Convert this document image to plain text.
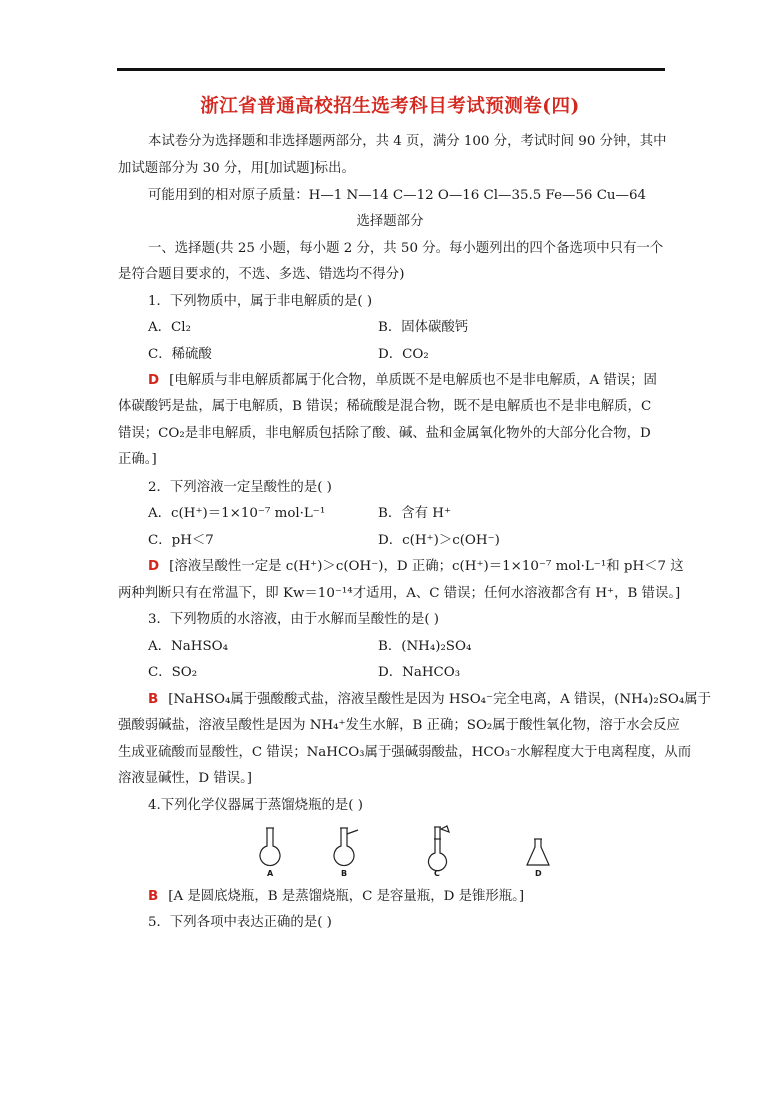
浙江省普通高校招生选考科目考试预测卷(四)
本试卷分为选择题和非选择题两部分，共 4 页，满分 100 分，考试时间 90 分钟，其中
加试题部分为 30 分，用[加试题]标出。
可能用到的相对原子质量：H—1 N—14 C—12 O—16 Cl—35.5 Fe—56 Cu—64
选择题部分
一、选择题(共 25 小题，每小题 2 分，共 50 分。每小题列出的四个备选项中只有一个
是符合题目要求的，不选、多选、错选均不得分)
1．下列物质中，属于非电解质的是( )
A．Cl₂	B．固体碳酸钙
C．稀硫酸	D．CO₂
D [电解质与非电解质都属于化合物，单质既不是电解质也不是非电解质，A 错误；固
体碳酸钙是盐，属于电解质，B 错误；稀硫酸是混合物，既不是电解质也不是非电解质，C
错误；CO₂是非电解质，非电解质包括除了酸、碱、盐和金属氧化物外的大部分化合物，D
正确。]
2．下列溶液一定呈酸性的是( )
A．c(H⁺)＝1×10⁻⁷ mol·L⁻¹	B．含有 H⁺
C．pH＜7	D．c(H⁺)＞c(OH⁻)
D [溶液呈酸性一定是 c(H⁺)＞c(OH⁻)，D 正确；c(H⁺)＝1×10⁻⁷ mol·L⁻¹和 pH＜7 这
两种判断只有在常温下，即 Kw＝10⁻¹⁴才适用，A、C 错误；任何水溶液都含有 H⁺，B 错误。]
3．下列物质的水溶液，由于水解而呈酸性的是( )
A．NaHSO₄	B．(NH₄)₂SO₄
C．SO₂	D．NaHCO₃
B [NaHSO₄属于强酸酸式盐，溶液呈酸性是因为 HSO₄⁻完全电离，A 错误，(NH₄)₂SO₄属于
强酸弱碱盐，溶液呈酸性是因为 NH₄⁺发生水解，B 正确；SO₂属于酸性氧化物，溶于水会反应
生成亚硫酸而显酸性，C 错误；NaHCO₃属于强碱弱酸盐，HCO₃⁻水解程度大于电离程度，从而
溶液显碱性，D 错误。]
4.下列化学仪器属于蒸馏烧瓶的是( )
A	B	C	D
B [A 是圆底烧瓶，B 是蒸馏烧瓶，C 是容量瓶，D 是锥形瓶。]
5．下列各项中表达正确的是( )
